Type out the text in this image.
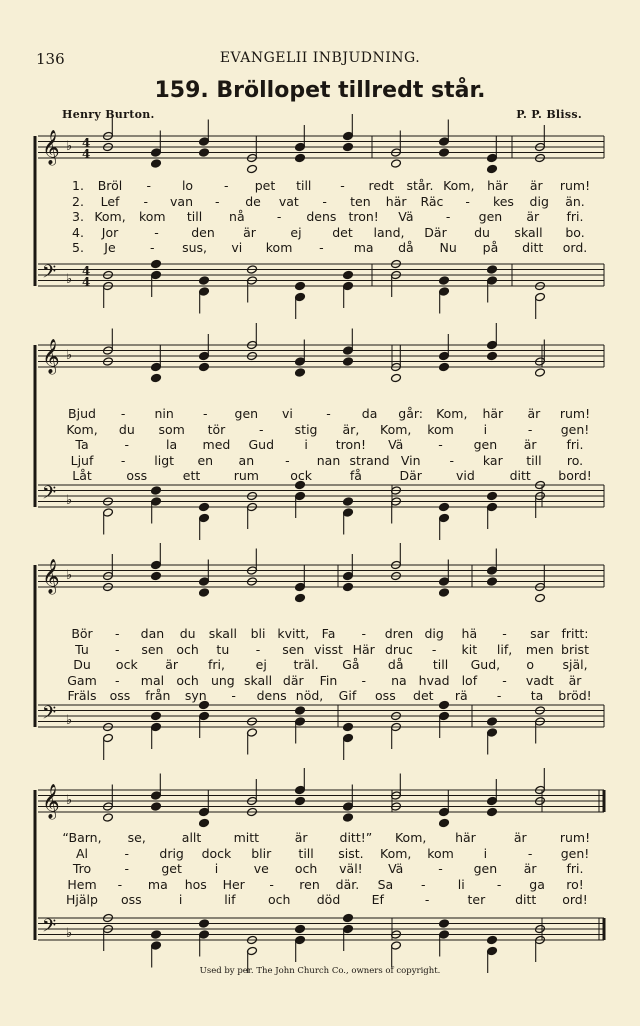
136	EVANGELII INBJUDNING.
159. Bröllopet tillredt står.
Henry Burton.	P. P. Bliss.
𝄞 ♭ 4
4
𝄢 ♭
4
4
𝄞 ♭
𝄢 ♭
𝄞 ♭
𝄢 ♭
𝄞 ♭
𝄢 ♭
1. Bröl - lo - pet till - redt står. Kom, här är rum!
2. Lef - van - de vat - ten här Räc - kes dig än.
3. Kom, kom till nå	- dens tron! Vä	- gen är fri.
4. Jor	-	den är	ej det land, Där du skall bo.
5. Je	- sus, vi kom - ma då Nu på ditt ord.
Bjud - nin - gen vi	- da går: Kom, här är rum!
Kom, du som tör	- stig är, Kom, kom i	- gen!
Ta	-	la med Gud i tron! Vä	- gen är fri.
Ljuf - ligt en an - nan strand Vin - kar till ro.
Låt	oss	ett	rum	ock	få	Där	vid	ditt bord!
Bör - dan du skall bli kvitt, Fa - dren dig hä - sar fritt:
Tu - sen och tu - sen visst Här druc - kit lif, men brist
Du ock är fri, ej träl. Gå då till Gud, o själ,
Gam - mal och ung skall där Fin - na hvad lof - vadt är
Fräls oss från syn - dens nöd, Gif oss det rä - ta bröd!
“Barn, se,	allt	mitt	är	ditt!” Kom, här	är	rum!
Al	- drig dock blir till sist. Kom, kom i	- gen!
Tro	-	get	i	ve och väl! Vä	- gen är fri.
Hem - ma hos Her - ren där. Sa -	li	- ga ro!
Hjälp oss	i	lif	och död	Ef	-	ter ditt ord!
Used by per. The John Church Co., owners of copyright.
